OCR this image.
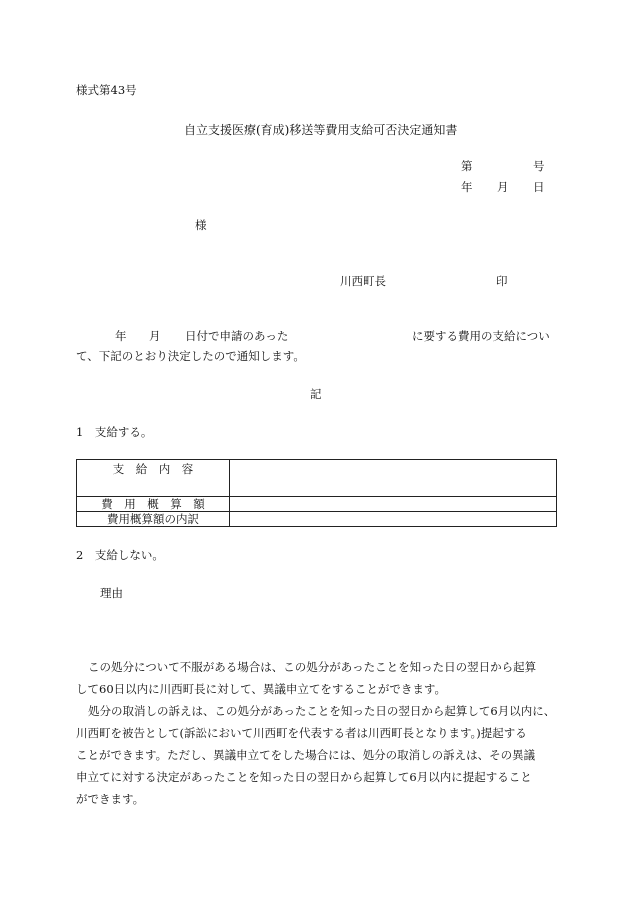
様式第43号
自立支援医療(育成)移送等費用支給可否決定通知書
第	号
年 月 日
様
川西町長	印
年 月 日付で申請のあった	に要する費用の支給につい
て、下記のとおり決定したので通知します。
記
1　支給する。
支　給　内　容	
費　用　概　算　額	
費用概算額の内訳	
2　支給しない。
理由
この処分について不服がある場合は、この処分があったことを知った日の翌日から起算
して60日以内に川西町長に対して、異議申立てをすることができます。
処分の取消しの訴えは、この処分があったことを知った日の翌日から起算して6月以内に、
川西町を被告として(訴訟において川西町を代表する者は川西町長となります。)提起する
ことができます。ただし、異議申立てをした場合には、処分の取消しの訴えは、その異議
申立てに対する決定があったことを知った日の翌日から起算して6月以内に提起すること
ができます。
